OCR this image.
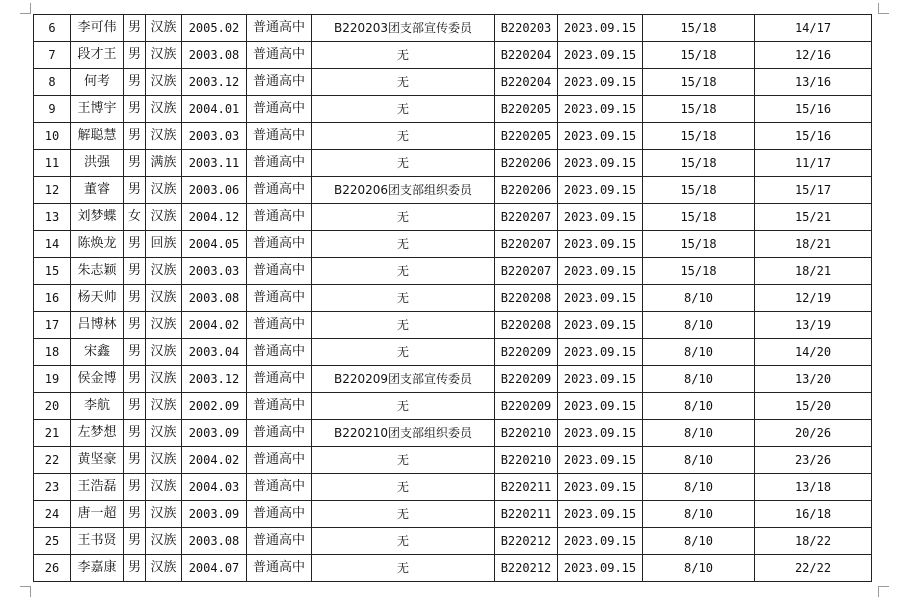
6	李可伟	男	汉族	2005.02	普通高中	B220203团支部宣传委员	B220203	2023.09.15	15/18	14/17
7	段才王	男	汉族	2003.08	普通高中	无	B220204	2023.09.15	15/18	12/16
8	何考	男	汉族	2003.12	普通高中	无	B220204	2023.09.15	15/18	13/16
9	王博宇	男	汉族	2004.01	普通高中	无	B220205	2023.09.15	15/18	15/16
10	解聪慧	男	汉族	2003.03	普通高中	无	B220205	2023.09.15	15/18	15/16
11	洪强	男	满族	2003.11	普通高中	无	B220206	2023.09.15	15/18	11/17
12	董睿	男	汉族	2003.06	普通高中	B220206团支部组织委员	B220206	2023.09.15	15/18	15/17
13	刘梦蝶	女	汉族	2004.12	普通高中	无	B220207	2023.09.15	15/18	15/21
14	陈焕龙	男	回族	2004.05	普通高中	无	B220207	2023.09.15	15/18	18/21
15	朱志颖	男	汉族	2003.03	普通高中	无	B220207	2023.09.15	15/18	18/21
16	杨天帅	男	汉族	2003.08	普通高中	无	B220208	2023.09.15	8/10	12/19
17	吕博林	男	汉族	2004.02	普通高中	无	B220208	2023.09.15	8/10	13/19
18	宋鑫	男	汉族	2003.04	普通高中	无	B220209	2023.09.15	8/10	14/20
19	侯金博	男	汉族	2003.12	普通高中	B220209团支部宣传委员	B220209	2023.09.15	8/10	13/20
20	李航	男	汉族	2002.09	普通高中	无	B220209	2023.09.15	8/10	15/20
21	左梦想	男	汉族	2003.09	普通高中	B220210团支部组织委员	B220210	2023.09.15	8/10	20/26
22	黄坚豪	男	汉族	2004.02	普通高中	无	B220210	2023.09.15	8/10	23/26
23	王浩磊	男	汉族	2004.03	普通高中	无	B220211	2023.09.15	8/10	13/18
24	唐一超	男	汉族	2003.09	普通高中	无	B220211	2023.09.15	8/10	16/18
25	王书贤	男	汉族	2003.08	普通高中	无	B220212	2023.09.15	8/10	18/22
26	李嘉康	男	汉族	2004.07	普通高中	无	B220212	2023.09.15	8/10	22/22
